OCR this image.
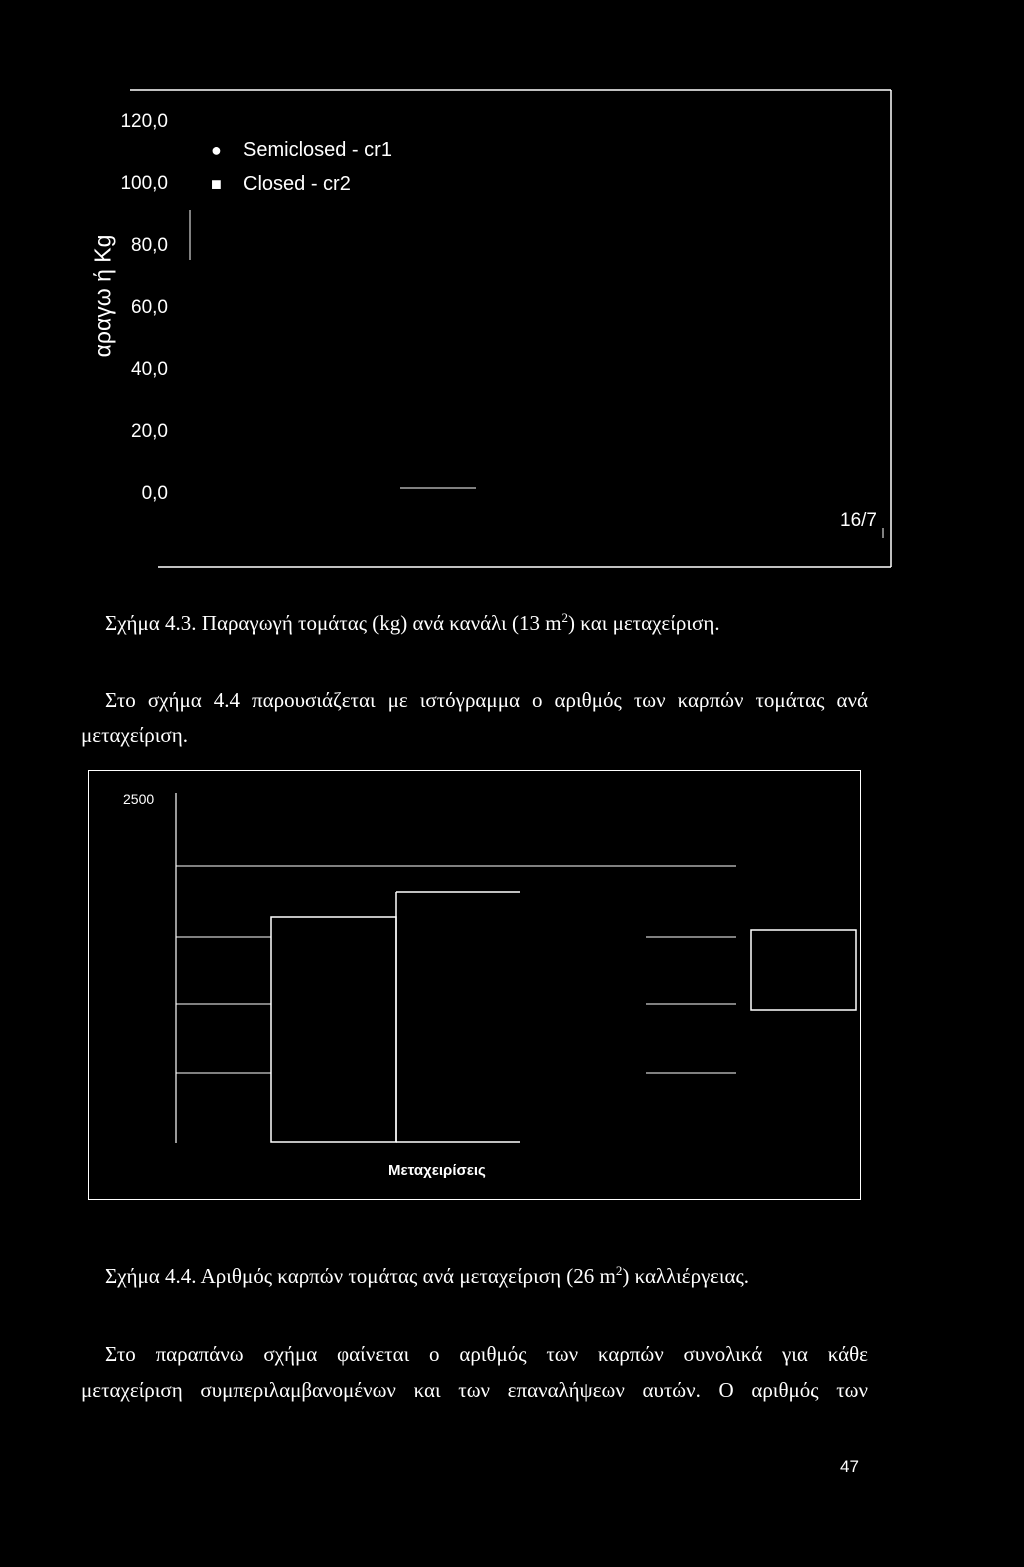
120,0
100,0
80,0
60,0
40,0
20,0
0,0
● Semiclosed - cr1
■ Closed - cr2
αραγω ή Kg
16/7
Σχήμα 4.3. Παραγωγή τομάτας (kg) ανά κανάλι (13 $m^2$) και μεταχείριση.
Στο σχήμα 4.4 παρουσιάζεται με ιστόγραμμα ο αριθμός των καρπών τομάτας ανά
μεταχείριση.
2500
Μεταχειρίσεις
Σχήμα 4.4. Αριθμός καρπών τομάτας ανά μεταχείριση (26 $m^2$) καλλιέργειας.
Στο παραπάνω σχήμα φαίνεται ο αριθμός των καρπών συνολικά για κάθε
μεταχείριση συμπεριλαμβανομένων και των επαναλήψεων αυτών. Ο αριθμός των
47
